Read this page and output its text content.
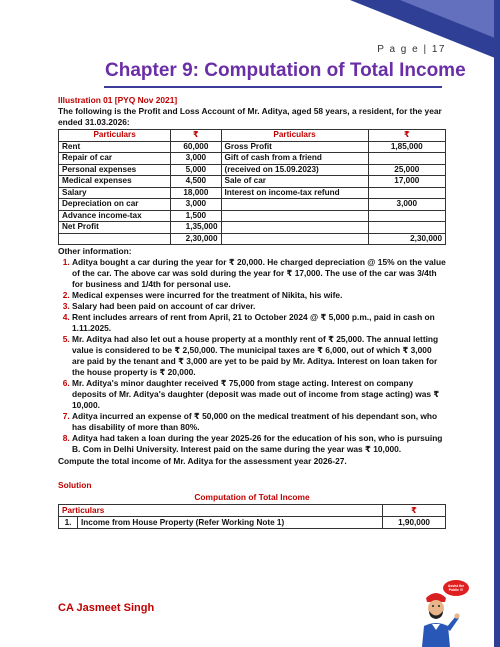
P a g e | 17
Chapter 9: Computation of Total Income
Illustration 01 [PYQ Nov 2021]
The following is the Profit and Loss Account of Mr. Aditya, aged 58 years, a resident, for the year ended 31.03.2026:
Particulars	₹	Particulars	₹
Rent	60,000	Gross Profit	1,85,000
Repair of car	3,000	Gift of cash from a friend	
Personal expenses	5,000	(received on 15.09.2023)	25,000
Medical expenses	4,500	Sale of car	17,000
Salary	18,000	Interest on income-tax refund	
Depreciation on car	3,000		3,000
Advance income-tax	1,500		
Net Profit	1,35,000		
	2,30,000		2,30,000
Other information:
1. Aditya bought a car during the year for ₹ 20,000. He charged depreciation @ 15% on the value of the car. The above car was sold during the year for ₹ 17,000. The use of the car was 3/4th for business and 1/4th for personal use.
2. Medical expenses were incurred for the treatment of Nikita, his wife.
3. Salary had been paid on account of car driver.
4. Rent includes arrears of rent from April, 21 to October 2024 @ ₹ 5,000 p.m., paid in cash on 1.11.2025.
5. Mr. Aditya had also let out a house property at a monthly rent of ₹ 25,000. The annual letting value is considered to be ₹ 2,50,000. The municipal taxes are ₹ 6,000, out of which ₹ 3,000 are paid by the tenant and ₹ 3,000 are yet to be paid by Mr. Aditya. Interest on loan taken for the house property is ₹ 20,000.
6. Mr. Aditya's minor daughter received ₹ 75,000 from stage acting. Interest on company deposits of Mr. Aditya's daughter (deposit was made out of income from stage acting) was ₹ 10,000.
7. Aditya incurred an expense of ₹ 50,000 on the medical treatment of his dependant son, who has disability of more than 80%.
8. Aditya had taken a loan during the year 2025-26 for the education of his son, who is pursuing B. Com in Delhi University. Interest paid on the same during the year was ₹ 10,000.
Compute the total income of Mr. Aditya for the assessment year 2026-27.
Solution
Computation of Total Income
Particulars		₹
1.	Income from House Property (Refer Working Note 1)	1,90,000
CA Jasmeet Singh
Assist the
Public !!!
